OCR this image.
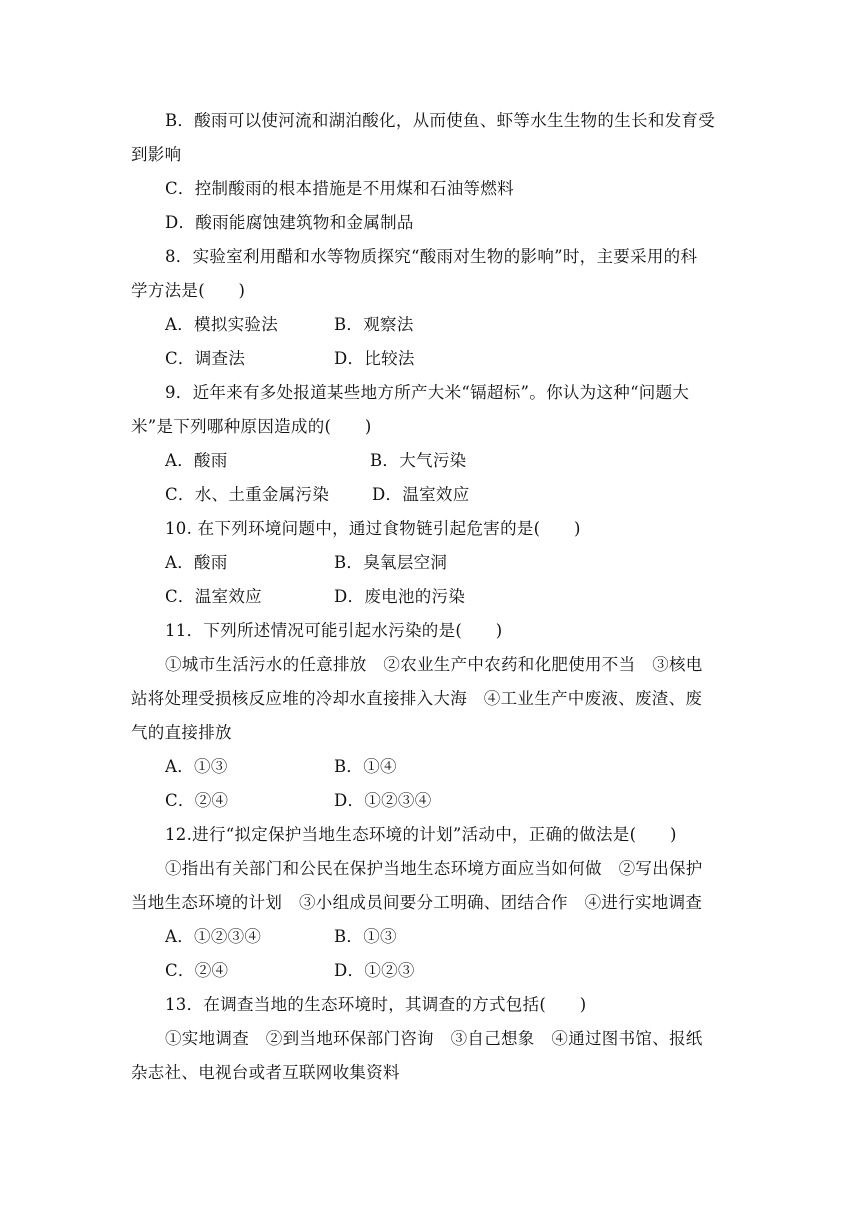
B．酸雨可以使河流和湖泊酸化，从而使鱼、虾等水生生物的生长和发育受
到影响
C．控制酸雨的根本措施是不用煤和石油等燃料
D．酸雨能腐蚀建筑物和金属制品
8．实验室利用醋和水等物质探究“酸雨对生物的影响”时，主要采用的科
学方法是(　　)
A．模拟实验法	B．观察法
C．调查法	D．比较法
9．近年来有多处报道某些地方所产大米“镉超标”。你认为这种“问题大
米”是下列哪种原因造成的(　　)
A．酸雨	B．大气污染
C．水、土重金属污染	D．温室效应
10. 在下列环境问题中，通过食物链引起危害的是(　　)
A．酸雨	B．臭氧层空洞
C．温室效应	D．废电池的污染
11．下列所述情况可能引起水污染的是(　　)
①城市生活污水的任意排放　②农业生产中农药和化肥使用不当　③核电
站将处理受损核反应堆的冷却水直接排入大海　④工业生产中废液、废渣、废
气的直接排放
A．①③	B．①④
C．②④	D．①②③④
12.进行“拟定保护当地生态环境的计划”活动中，正确的做法是(　　)
①指出有关部门和公民在保护当地生态环境方面应当如何做　②写出保护
当地生态环境的计划　③小组成员间要分工明确、团结合作　④进行实地调查
A．①②③④	B．①③
C．②④	D．①②③
13．在调查当地的生态环境时，其调查的方式包括(　　)
①实地调查　②到当地环保部门咨询　③自己想象　④通过图书馆、报纸
杂志社、电视台或者互联网收集资料
